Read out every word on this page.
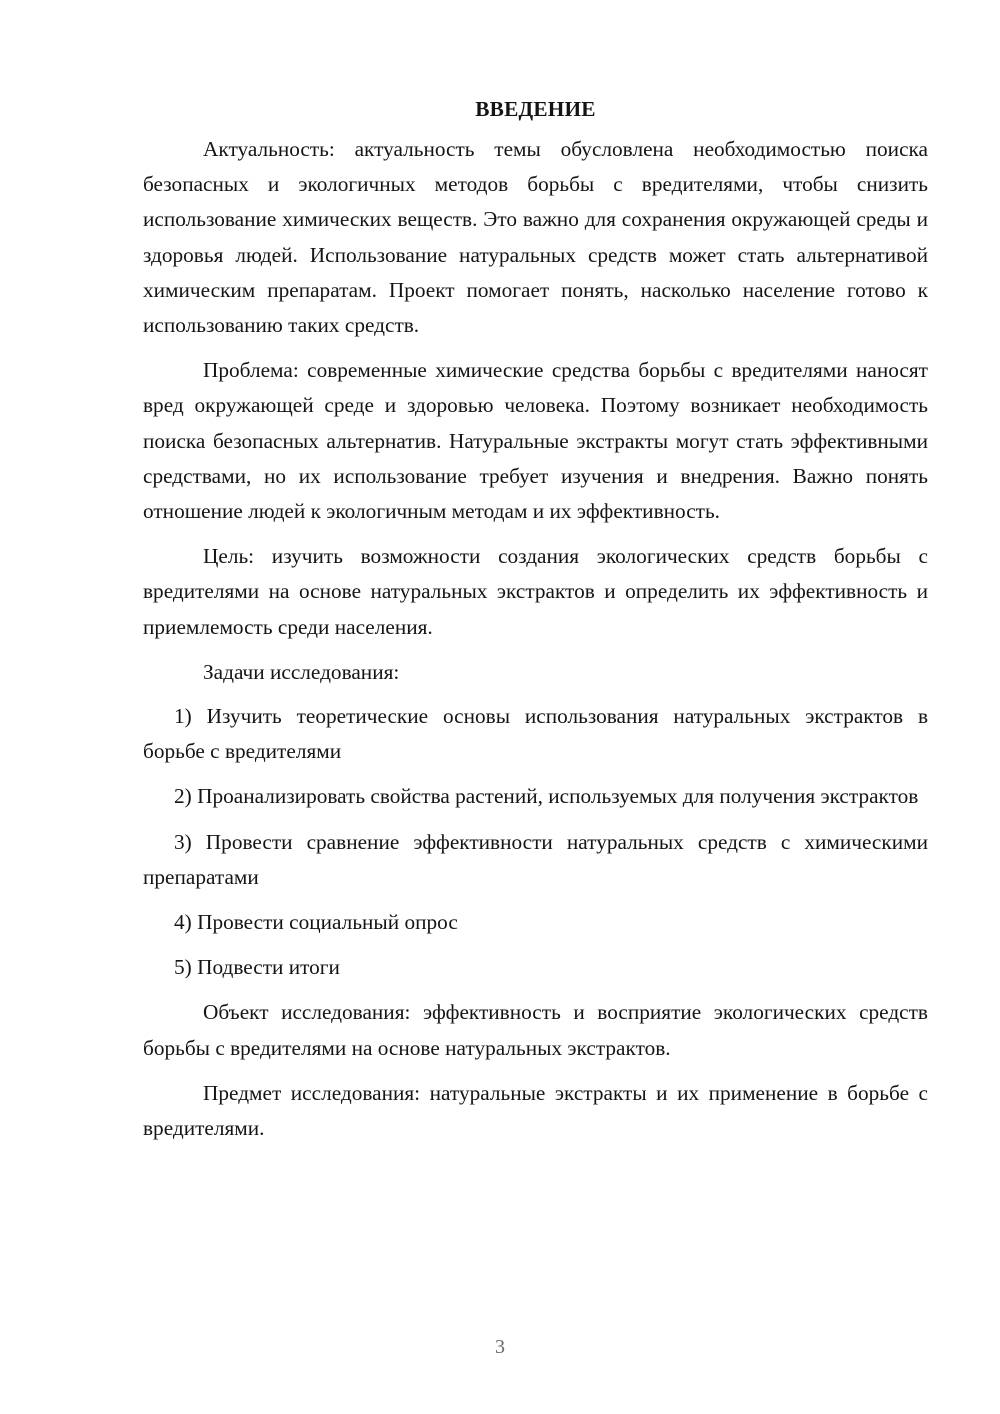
ВВЕДЕНИЕ

Актуальность: актуальность темы обусловлена необходимостью поиска безопасных и экологичных методов борьбы с вредителями, чтобы снизить использование химических веществ. Это важно для сохранения окружающей среды и здоровья людей. Использование натуральных средств может стать альтернативой химическим препаратам. Проект помогает понять, насколько население готово к использованию таких средств.

Проблема: современные химические средства борьбы с вредителями наносят вред окружающей среде и здоровью человека. Поэтому возникает необходимость поиска безопасных альтернатив. Натуральные экстракты могут стать эффективными средствами, но их использование требует изучения и внедрения. Важно понять отношение людей к экологичным методам и их эффективность.

Цель: изучить возможности создания экологических средств борьбы с вредителями на основе натуральных экстрактов и определить их эффективность и приемлемость среди населения.

Задачи исследования:

1) Изучить теоретические основы использования натуральных экстрактов в борьбе с вредителями
2) Проанализировать свойства растений, используемых для получения экстрактов
3) Провести сравнение эффективности натуральных средств с химическими препаратами
4) Провести социальный опрос
5) Подвести итоги

Объект исследования: эффективность и восприятие экологических средств борьбы с вредителями на основе натуральных экстрактов.

Предмет исследования: натуральные экстракты и их применение в борьбе с вредителями.

3
